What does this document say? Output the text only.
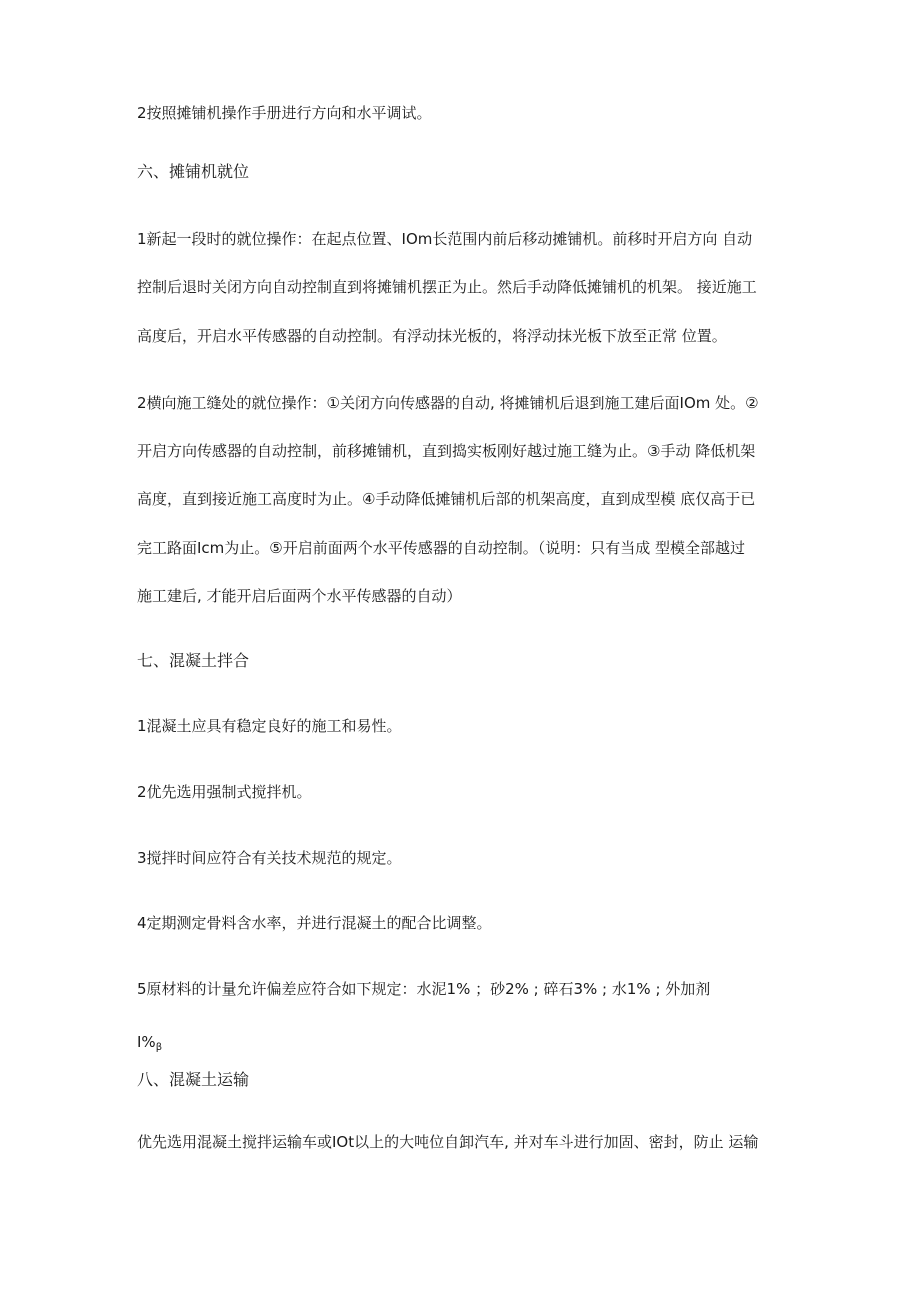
2按照摊铺机操作手册进行方向和水平调试。
六、摊铺机就位
1新起一段时的就位操作：在起点位置、IOm长范围内前后移动摊铺机。前移时开启方向 自动
控制后退时关闭方向自动控制直到将摊铺机摆正为止。然后手动降低摊铺机的机架。 接近施工
高度后，开启水平传感器的自动控制。有浮动抹光板的，将浮动抹光板下放至正常 位置。
2横向施工缝处的就位操作：①关闭方向传感器的自动, 将摊铺机后退到施工建后面IOm 处。②
开启方向传感器的自动控制，前移摊铺机，直到捣实板刚好越过施工缝为止。③手动 降低机架
高度，直到接近施工高度时为止。④手动降低摊铺机后部的机架高度，直到成型模 底仅高于已
完工路面Icm为止。⑤开启前面两个水平传感器的自动控制。（说明：只有当成 型模全部越过
施工建后, 才能开启后面两个水平传感器的自动）
七、混凝土拌合
1混凝土应具有稳定良好的施工和易性。
2优先选用强制式搅拌机。
3搅拌时间应符合有关技术规范的规定。
4定期测定骨料含水率，并进行混凝土的配合比调整。
5原材料的计量允许偏差应符合如下规定：水泥1% ；砂2% ; 碎石3% ; 水1% ; 外加剂
$I\%_\beta$
八、混凝土运输
优先选用混凝土搅拌运输车或IOt以上的大吨位自卸汽车, 并对车斗进行加固、密封，防止 运输
